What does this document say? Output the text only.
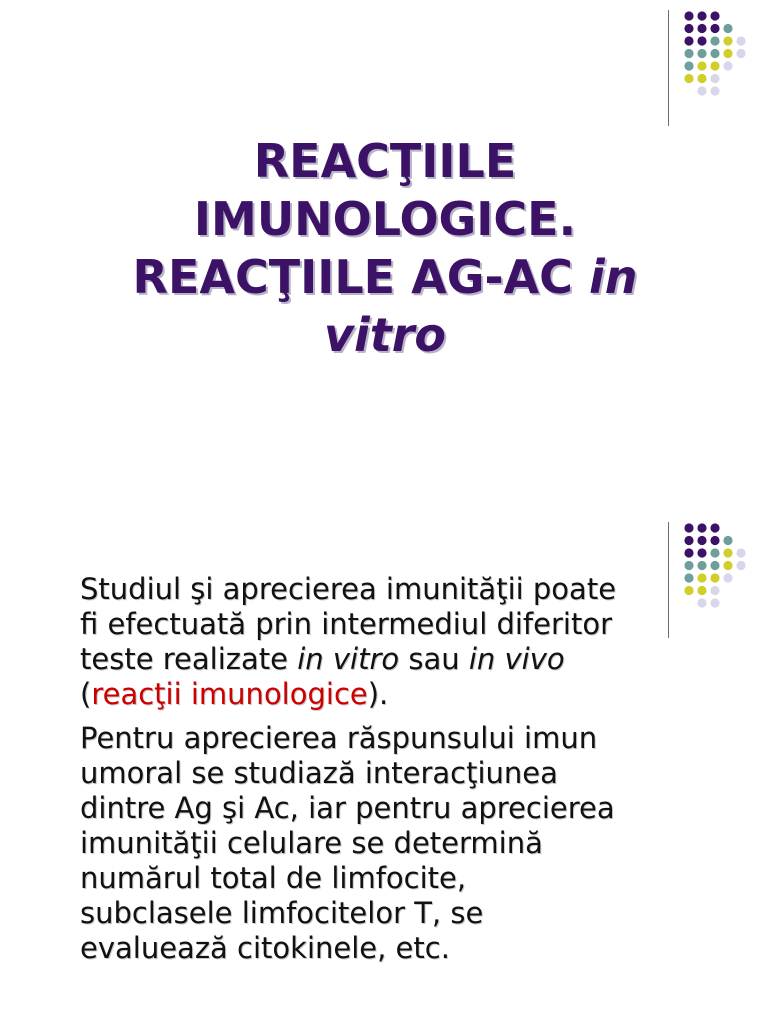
REACŢIILE
IMUNOLOGICE.
REACŢIILE AG-AC in
vitro

Studiul şi aprecierea imunităţii poate
fi efectuată prin intermediul diferitor
teste realizate in vitro sau in vivo
(reacţii imunologice).

Pentru aprecierea răspunsului imun
umoral se studiază interacţiunea
dintre Ag şi Ac, iar pentru aprecierea
imunităţii celulare se determină
numărul total de limfocite,
subclasele limfocitelor T, se
evaluează citokinele, etc.
